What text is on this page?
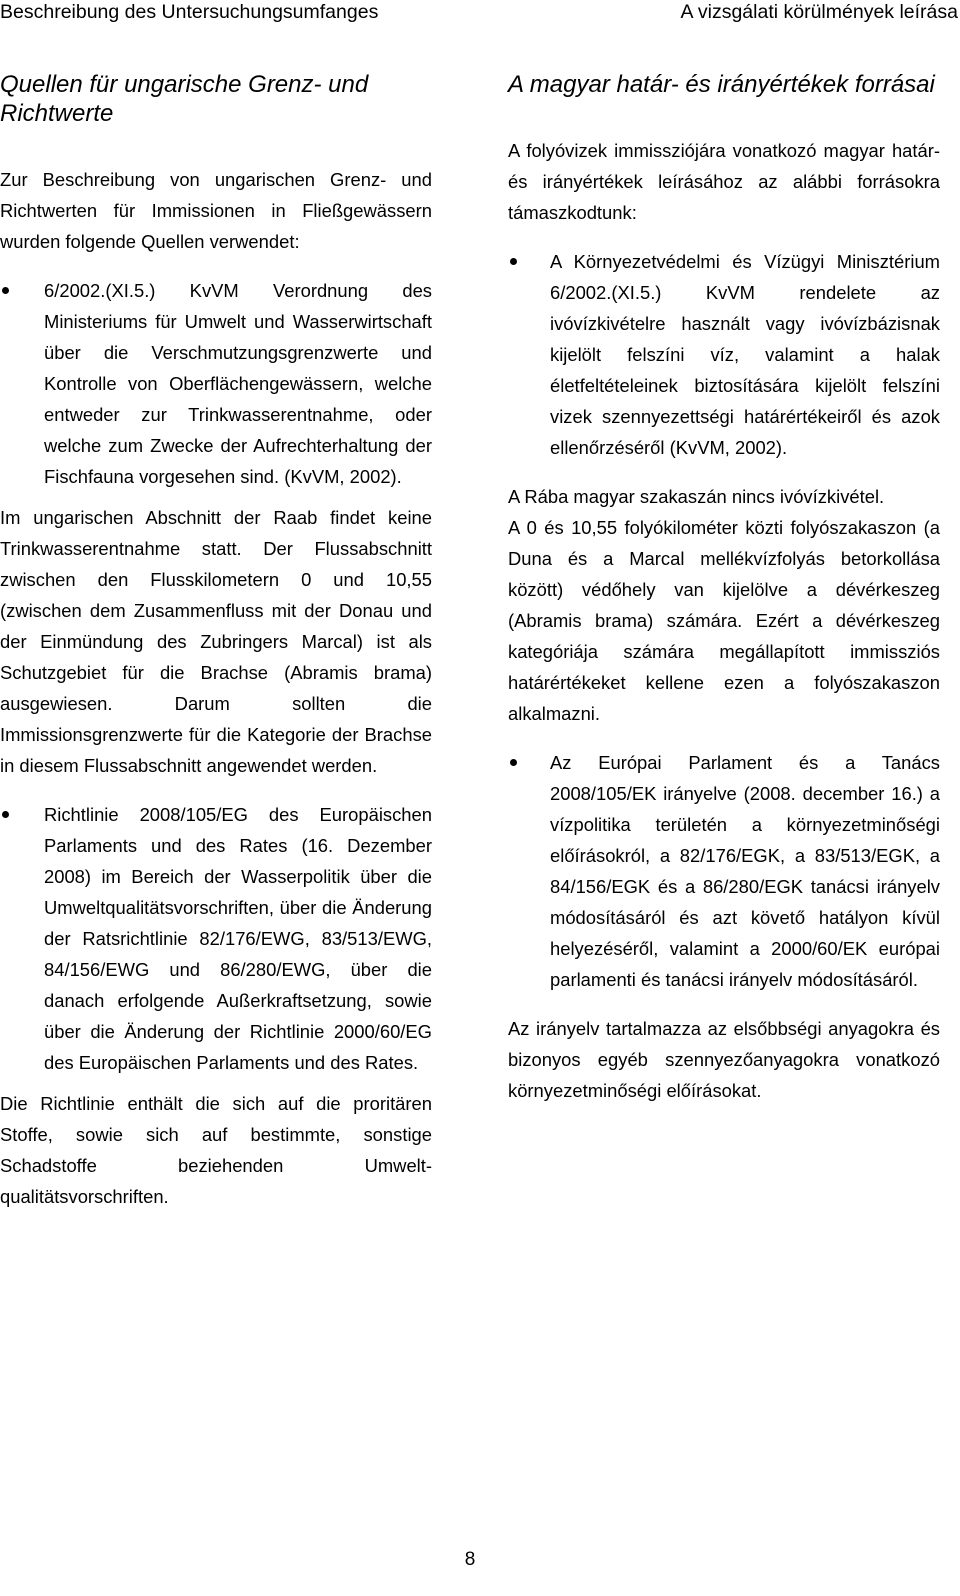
Beschreibung des Untersuchungsumfanges	A vizsgálati körülmények leírása
Quellen für ungarische Grenz- und Richtwerte

Zur Beschreibung von ungarischen Grenz- und Richtwerten für Immissionen in Fließgewässern wurden folgende Quellen verwendet:

6/2002.(XI.5.) KvVM Verordnung des Ministeriums für Umwelt und Wasserwirtschaft über die Verschmutzungsgrenzwerte und Kontrolle von Oberflächengewässern, welche entweder zur Trinkwasserentnahme, oder welche zum Zwecke der Aufrechterhaltung der Fischfauna vorgesehen sind. (KvVM, 2002).

Im ungarischen Abschnitt der Raab findet keine Trinkwasserentnahme statt. Der Flussabschnitt zwischen den Flusskilometern 0 und 10,55 (zwischen dem Zusammenfluss mit der Donau und der Einmündung des Zubringers Marcal) ist als Schutzgebiet für die Brachse (Abramis brama) ausgewiesen. Darum sollten die Immissionsgrenzwerte für die Kategorie der Brachse in diesem Flussabschnitt angewendet werden.

Richtlinie 2008/105/EG des Europäischen Parlaments und des Rates (16. Dezember 2008) im Bereich der Wasserpolitik über die Umweltqualitätsvorschriften, über die Änderung der Ratsrichtlinie 82/176/EWG, 83/513/EWG, 84/156/EWG und 86/280/EWG, über die danach erfolgende Außerkraftsetzung, sowie über die Änderung der Richtlinie 2000/60/EG des Europäischen Parlaments und des Rates.

Die Richtlinie enthält die sich auf die proritären Stoffe, sowie sich auf bestimmte, sonstige Schadstoffe beziehenden Umwelt-qualitätsvorschriften.

A magyar határ- és irányértékek forrásai

A folyóvizek immissziójára vonatkozó magyar határ- és irányértékek leírásához az alábbi forrásokra támaszkodtunk:

A Környezetvédelmi és Vízügyi Minisztérium 6/2002.(XI.5.) KvVM rendelete az ivóvízkivételre használt vagy ivóvízbázisnak kijelölt felszíni víz, valamint a halak életfeltételeinek biztosítására kijelölt felszíni vizek szennyezettségi határértékeiről és azok ellenőrzéséről (KvVM, 2002).

A Rába magyar szakaszán nincs ivóvízkivétel.

A 0 és 10,55 folyókilométer közti folyószakaszon (a Duna és a Marcal mellékvízfolyás betorkollása között) védőhely van kijelölve a dévérkeszeg (Abramis brama) számára. Ezért a dévérkeszeg kategóriája számára megállapított immissziós határértékeket kellene ezen a folyószakaszon alkalmazni.

Az Európai Parlament és a Tanács 2008/105/EK irányelve (2008. december 16.) a vízpolitika területén a környezetminőségi előírásokról, a 82/176/EGK, a 83/513/EGK, a 84/156/EGK és a 86/280/EGK tanácsi irányelv módosításáról és azt követő hatályon kívül helyezéséről, valamint a 2000/60/EK európai parlamenti és tanácsi irányelv módosításáról.

Az irányelv tartalmazza az elsőbbségi anyagokra és bizonyos egyéb szennyezőanyagokra vonatkozó környezetminőségi előírásokat.

8
